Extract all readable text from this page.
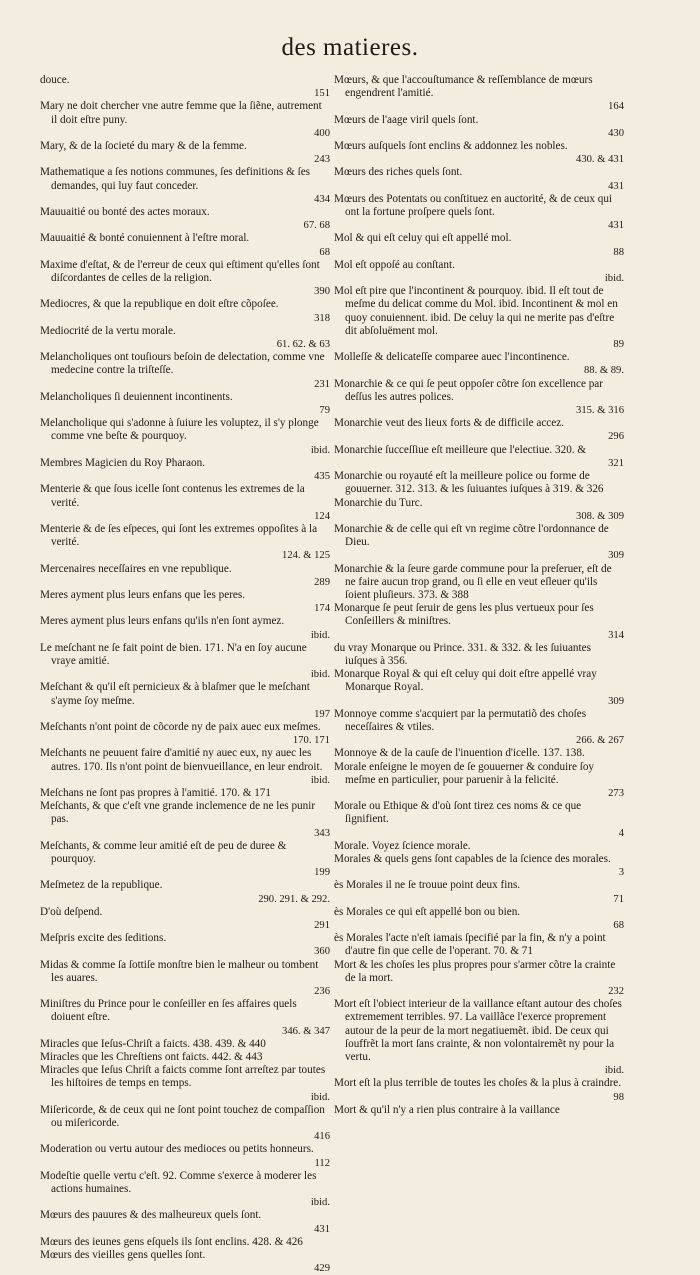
des matieres.
douce.
151
Mary ne doit chercher vne autre femme que la ſiẽne, autrement il doit eſtre puny.
400
Mary, & de la ſocieté du mary & de la femme.
243
Mathematique a ſes notions communes, ſes definitions & ſes demandes, qui luy faut conceder.
434
Mauuaitié ou bonté des actes moraux.
67. 68
Mauuaitié & bonté conuiennent à l'eſtre moral.
68
Maxime d'eſtat, & de l'erreur de ceux qui eſtiment qu'elles ſont diſcordantes de celles de la religion.
390
Mediocres, & que la republique en doit eſtre cõpoſee.
318
Mediocrité de la vertu morale.
61. 62. & 63
Melancholiques ont touſiours beſoin de delectation, comme vne medecine contre la triſteſſe.
231
Melancholiques ſi deuiennent incontinents.
79
Melancholique qui s'adonne à ſuiure les voluptez, il s'y plonge comme vne beſte & pourquoy.
ibid.
Membres Magicien du Roy Pharaon.
435
Menterie & que ſous icelle ſont contenus les extremes de la verité.
124
Menterie & de ſes eſpeces, qui ſont les extremes oppoſites à la verité.
124. & 125
Mercenaires neceſſaires en vne republique.
289
Meres ayment plus leurs enfans que les peres.
174
Meres ayment plus leurs enfans qu'ils n'en ſont aymez.
ibid.
Le meſchant ne ſe fait point de bien. 171. N'a en ſoy aucune vraye amitié.
ibid.
Meſchant & qu'il eſt pernicieux & à blaſmer que le meſchant s'ayme ſoy meſme.
197
Meſchants n'ont point de cõcorde ny de paix auec eux meſmes.
170. 171
Meſchants ne peuuent faire d'amitié ny auec eux, ny auec les autres. 170. Ils n'ont point de bienvueillance, en leur endroit.
ibid.
Meſchans ne ſont pas propres à l'amitié. 170. & 171
Meſchants, & que c'eſt vne grande inclemence de ne les punir pas.
343
Meſchants, & comme leur amitié eſt de peu de duree & pourquoy.
199
Meſmetez de la republique.
290. 291. & 292.
D'où deſpend.
291
Meſpris excite des ſeditions.
360
Midas & comme ſa ſottiſe monſtre bien le malheur ou tombent les auares.
236
Miniſtres du Prince pour le conſeiller en ſes affaires quels doiuent eſtre.
346. & 347
Miracles que Ieſus-Chriſt a faicts. 438. 439. & 440
Miracles que les Chreſtiens ont faicts. 442. & 443
Miracles que Ieſus Chriſt a faicts comme ſont arreſtez par toutes les hiſtoires de temps en temps.
ibid.
Miſericorde, & de ceux qui ne ſont point touchez de compaſſion ou miſericorde.
416
Moderation ou vertu autour des medioces ou petits honneurs.
112
Modeſtie quelle vertu c'eſt. 92. Comme s'exerce à moderer les actions humaines.
ibid.
Mœurs des pauures & des malheureux quels ſont.
431
Mœurs des ieunes gens eſquels ils ſont enclins. 428. & 426
Mœurs des vieilles gens quelles ſont.
429
Mœurs, & que l'accouſtumance & reſſemblance de mœurs engendrent l'amitié.
164
Mœurs de l'aage viril quels ſont.
430
Mœurs auſquels ſont enclins & addonnez les nobles.
430. & 431
Mœurs des riches quels ſont.
431
Mœurs des Potentats ou conſtituez en auctorité, & de ceux qui ont la fortune proſpere quels ſont.
431
Mol & qui eſt celuy qui eſt appellé mol.
88
Mol eſt oppoſé au conſtant.
ibid.
Mol eſt pire que l'incontinent & pourquoy. ibid. Il eſt tout de meſme du delicat comme du Mol. ibid. Incontinent & mol en quoy conuiennent. ibid. De celuy la qui ne merite pas d'eſtre dit abſoluëment mol.
89
Molleſſe & delicateſſe comparee auec l'incontinence.
88. & 89.
Monarchie & ce qui ſe peut oppoſer cõtre ſon excellence par deſſus les autres polices.
315. & 316
Monarchie veut des lieux forts & de difficile accez.
296
Monarchie ſucceſſiue eſt meilleure que l'electiue. 320. &
321
Monarchie ou royauté eſt la meilleure police ou forme de gouuerner. 312. 313. & les ſuiuantes iuſques à 319. & 326
Monarchie du Turc.
308. & 309
Monarchie & de celle qui eſt vn regime cõtre l'ordonnance de Dieu.
309
Monarchie & la ſeure garde commune pour la preſeruer, eſt de ne faire aucun trop grand, ou ſi elle en veut eſleuer qu'ils ſoient pluſieurs. 373. & 388
Monarque ſe peut ſeruir de gens les plus vertueux pour ſes Conſeillers & miniſtres.
314
du vray Monarque ou Prince. 331. & 332. & les ſuiuantes iuſques à 356.
Monarque Royal & qui eſt celuy qui doit eſtre appellé vray Monarque Royal.
309
Monnoye comme s'acquiert par la permutatiõ des choſes neceſſaires & vtiles.
266. & 267
Monnoye & de la cauſe de l'inuention d'icelle. 137. 138.
Morale enſeigne le moyen de ſe gouuerner & conduire ſoy meſme en particulier, pour paruenir à la felicité.
273
Morale ou Ethique & d'où ſont tirez ces noms & ce que ſignifient.
4
Morale. Voyez ſcience morale.
Morales & quels gens ſont capables de la ſcience des morales.
3
ès Morales il ne ſe trouue point deux fins.
71
ès Morales ce qui eſt appellé bon ou bien.
68
ès Morales l'acte n'eſt iamais ſpecifié par la fin, & n'y a point d'autre fin que celle de l'operant. 70. & 71
Mort & les choſes les plus propres pour s'armer cõtre la crainte de la mort.
232
Mort eſt l'obiect interieur de la vaillance eſtant autour des choſes extremement terribles. 97. La vaillãce l'exerce proprement autour de la peur de la mort negatiuemẽt. ibid. De ceux qui ſouffrẽt la mort ſans crainte, & non volontairemẽt ny pour la vertu.
ibid.
Mort eſt la plus terrible de toutes les choſes & la plus à craindre.
98
Mort & qu'il n'y a rien plus contraire à la vaillance
